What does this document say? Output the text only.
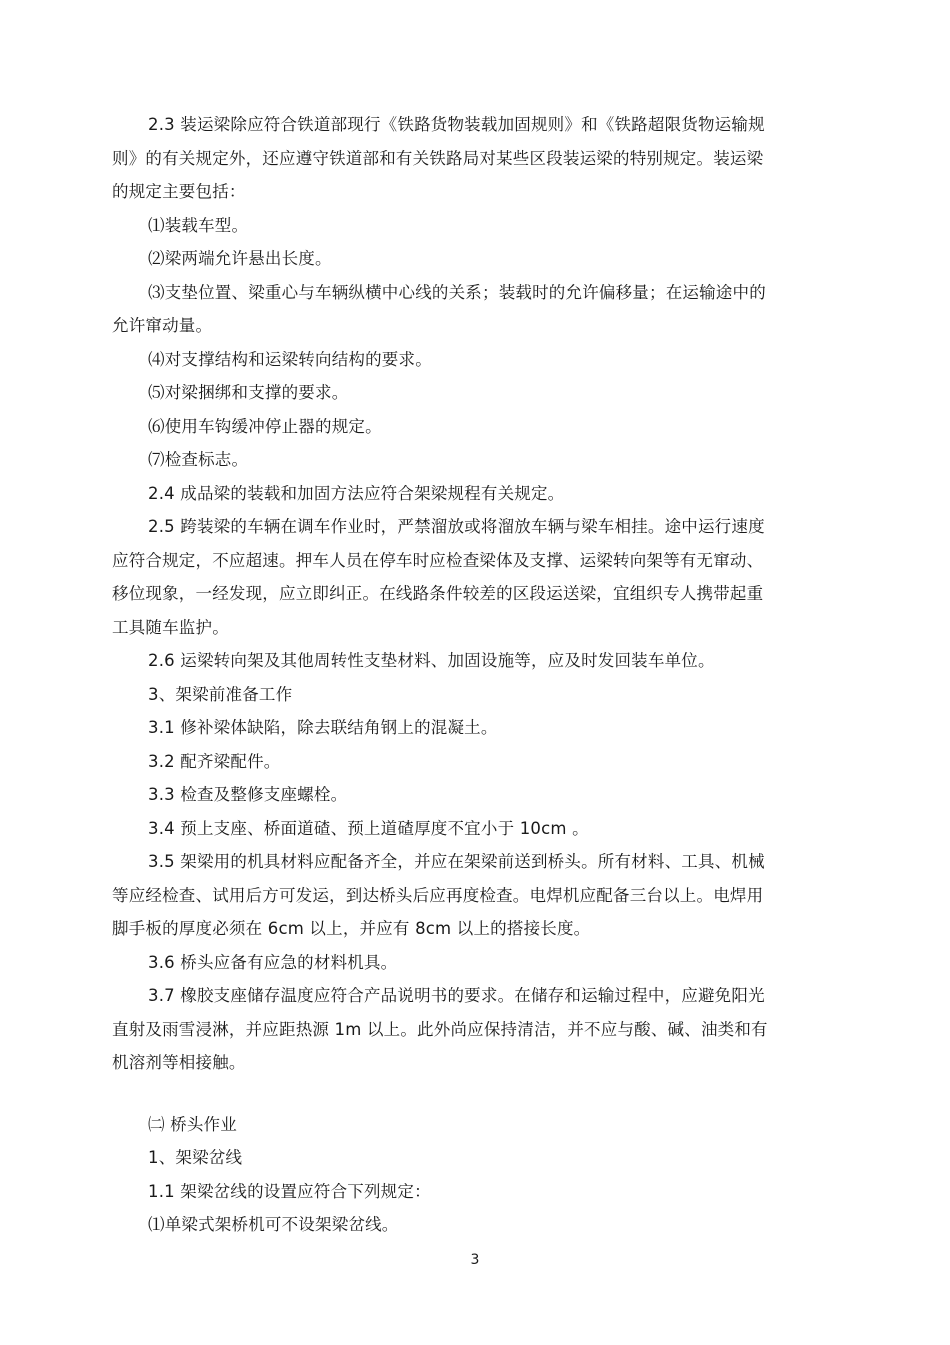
2.3 装运梁除应符合铁道部现行《铁路货物装载加固规则》和《铁路超限货物运输规

则》的有关规定外，还应遵守铁道部和有关铁路局对某些区段装运梁的特别规定。装运梁

的规定主要包括：

⑴装载车型。

⑵梁两端允许悬出长度。

⑶支垫位置、梁重心与车辆纵横中心线的关系；装载时的允许偏移量；在运输途中的

允许窜动量。

⑷对支撑结构和运梁转向结构的要求。

⑸对梁捆绑和支撑的要求。

⑹使用车钩缓冲停止器的规定。

⑺检查标志。

2.4 成品梁的装载和加固方法应符合架梁规程有关规定。

2.5 跨装梁的车辆在调车作业时，严禁溜放或将溜放车辆与梁车相挂。途中运行速度

应符合规定，不应超速。押车人员在停车时应检查梁体及支撑、运梁转向架等有无窜动、

移位现象，一经发现，应立即纠正。在线路条件较差的区段运送梁，宜组织专人携带起重

工具随车监护。

2.6 运梁转向架及其他周转性支垫材料、加固设施等，应及时发回装车单位。

3、架梁前准备工作

3.1 修补梁体缺陷，除去联结角钢上的混凝土。

3.2 配齐梁配件。

3.3 检查及整修支座螺栓。

3.4 预上支座、桥面道碴、预上道碴厚度不宜小于 10cm 。

3.5 架梁用的机具材料应配备齐全，并应在架梁前送到桥头。所有材料、工具、机械

等应经检查、试用后方可发运，到达桥头后应再度检查。电焊机应配备三台以上。电焊用

脚手板的厚度必须在 6cm 以上，并应有 8cm 以上的搭接长度。

3.6 桥头应备有应急的材料机具。

3.7 橡胶支座储存温度应符合产品说明书的要求。在储存和运输过程中，应避免阳光

直射及雨雪浸淋，并应距热源 1m 以上。此外尚应保持清洁，并不应与酸、碱、油类和有

机溶剂等相接触。

㈡ 桥头作业

1、架梁岔线

1.1 架梁岔线的设置应符合下列规定：

⑴单梁式架桥机可不设架梁岔线。

3
